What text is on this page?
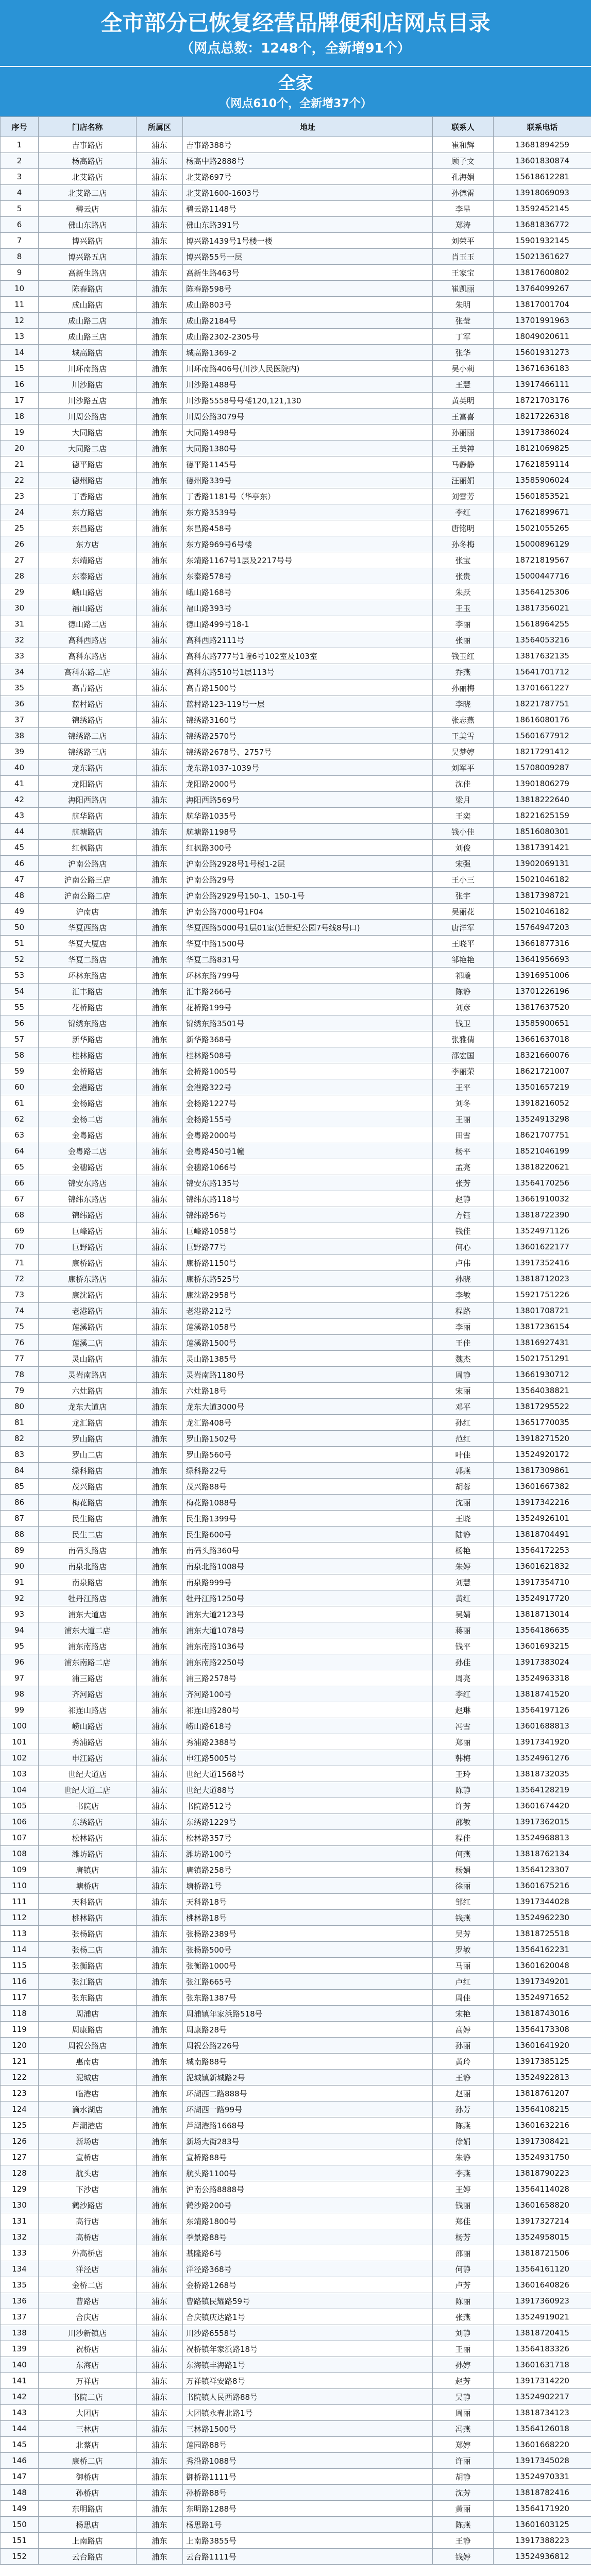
全市部分已恢复经营品牌便利店网点目录
（网点总数：1248个，全新增91个）
全家
（网点610个，全新增37个）
序号	门店名称	所属区	地址	联系人	联系电话
1	吉事路店	浦东	吉事路388号	崔和辉	13681894259
2	杨高路店	浦东	杨高中路2888号	顾子文	13601830874
3	北艾路店	浦东	北艾路697号	孔海娟	15618612281
4	北艾路二店	浦东	北艾路1600-1603号	孙德雷	13918069093
5	碧云店	浦东	碧云路1148号	李星	13592452145
6	佛山东路店	浦东	佛山东路391号	郑涛	13681836772
7	博兴路店	浦东	博兴路1439号1号楼一楼	刘荣平	15901932145
8	博兴路五店	浦东	博兴路55号一层	肖玉玉	15021361627
9	高新生路店	浦东	高新生路463号	王家宝	13817600802
10	陈春路店	浦东	陈春路598号	崔凯丽	13764099267
11	成山路店	浦东	成山路803号	朱明	13817001704
12	成山路二店	浦东	成山路2184号	张莹	13701991963
13	成山路三店	浦东	成山路2302-2305号	丁军	18049020611
14	城高路店	浦东	城高路1369-2	张华	15601931273
15	川环南路店	浦东	川环南路406号(川沙人民医院内)	吴小莉	13671636183
16	川沙路店	浦东	川沙路1488号	王慧	13917466111
17	川沙路五店	浦东	川沙路5558号号楼120,121,130	黄英明	18721703176
18	川周公路店	浦东	川周公路3079号	王富喜	18217226318
19	大同路店	浦东	大同路1498号	孙丽丽	13917386024
20	大同路二店	浦东	大同路1380号	王美神	18121069825
21	德平路店	浦东	德平路1145号	马静静	17621859114
22	德州路店	浦东	德州路339号	汪丽娟	13585906024
23	丁香路店	浦东	丁香路1181号（华亭东）	刘雪芳	15601853521
24	东方路店	浦东	东方路3539号	李红	17621899671
25	东昌路店	浦东	东昌路458号	唐铭明	15021055265
26	东方店	浦东	东方路969号6号楼	孙冬梅	15000896129
27	东靖路店	浦东	东靖路1167号1层及2217号号	张宝	18721819567
28	东泰路店	浦东	东泰路578号	张贵	15000447716
29	峨山路店	浦东	峨山路168号	朱跃	13564125306
30	福山路店	浦东	福山路393号	王玉	13817356021
31	德山路二店	浦东	德山路499号18-1	李丽	15618964255
32	高科西路店	浦东	高科西路2111号	张丽	13564053216
33	高科东路店	浦东	高科东路777号1幢6号102室及103室	钱玉红	13817632135
34	高科东路二店	浦东	高科东路510号1层113号	乔燕	15641701712
35	高青路店	浦东	高青路1500号	孙丽梅	13701661227
36	蓝村路店	浦东	蓝村路123-119号一层	李晓	18221787751
37	锦绣路店	浦东	锦绣路3160号	张志燕	18616080176
38	锦绣路二店	浦东	锦绣路2570号	王美雪	15601677912
39	锦绣路三店	浦东	锦绣路2678号、2757号	吴梦婷	18217291412
40	龙东路店	浦东	龙东路1037-1039号	刘军平	15708009287
41	龙阳路店	浦东	龙阳路2000号	沈佳	13901806279
42	海阳西路店	浦东	海阳西路569号	梁月	13818222640
43	航华路店	浦东	航华路1035号	王奕	18221625159
44	航塘路店	浦东	航塘路1198号	钱小佳	18516080301
45	红枫路店	浦东	红枫路300号	刘俊	13817391421
46	沪南公路店	浦东	沪南公路2928号1号楼1-2层	宋强	13902069131
47	沪南公路三店	浦东	沪南公路29号	王小三	15021046182
48	沪南公路二店	浦东	沪南公路2929号150-1、150-1号	张宇	13817398721
49	沪南店	浦东	沪南公路7000号1F04	吴丽花	15021046182
50	华夏西路店	浦东	华夏西路5000号1层01室(近世纪公园7号线8号口)	唐洋军	15764947203
51	华夏大厦店	浦东	华夏中路1500号	王晓平	13661877316
52	华夏二路店	浦东	华夏二路831号	邹艳艳	13641956693
53	环林东路店	浦东	环林东路799号	祁曦	13916951006
54	汇丰路店	浦东	汇丰路266号	陈静	13701226196
55	花桥路店	浦东	花桥路199号	刘彦	13817637520
56	锦绣东路店	浦东	锦绣东路3501号	钱卫	13585900651
57	新华路店	浦东	新华路368号	张雅倩	13661637018
58	桂林路店	浦东	桂林路508号	邵宏国	18321660076
59	金桥路店	浦东	金桥路1005号	李丽荣	18621721007
60	金港路店	浦东	金港路322号	王平	13501657219
61	金杨路店	浦东	金杨路1227号	刘冬	13918216052
62	金杨二店	浦东	金杨路155号	王丽	13524913298
63	金粤路店	浦东	金粤路2000号	田雪	18621707751
64	金粤路二店	浦东	金粤路450号1幢	杨平	18521046199
65	金穗路店	浦东	金穗路1066号	孟亮	13818220621
66	锦安东路店	浦东	锦安东路135号	张芳	13564170256
67	锦纬东路店	浦东	锦纬东路118号	赵静	13661910032
68	锦纬路店	浦东	锦纬路56号	方钰	13818722390
69	巨峰路店	浦东	巨峰路1058号	钱佳	13524971126
70	巨野路店	浦东	巨野路77号	何心	13601622177
71	康桥路店	浦东	康桥路1150号	卢伟	13917352416
72	康桥东路店	浦东	康桥东路525号	孙晓	13818712023
73	康沈路店	浦东	康沈路2958号	李敏	15921751226
74	老港路店	浦东	老港路212号	程路	13801708721
75	莲溪路店	浦东	莲溪路1058号	李丽	13817236154
76	莲溪二店	浦东	莲溪路1500号	王佳	13816927431
77	灵山路店	浦东	灵山路1385号	魏杰	15021751291
78	灵岩南路店	浦东	灵岩南路1180号	周静	13661930712
79	六灶路店	浦东	六灶路18号	宋丽	13564038821
80	龙东大道店	浦东	龙东大道3000号	邓平	13817295522
81	龙汇路店	浦东	龙汇路408号	孙红	13651770035
82	罗山路店	浦东	罗山路1502号	范红	13918271520
83	罗山二店	浦东	罗山路560号	叶佳	13524920172
84	绿科路店	浦东	绿科路22号	郭燕	13817309861
85	茂兴路店	浦东	茂兴路88号	胡蓉	13601667382
86	梅花路店	浦东	梅花路1088号	沈丽	13917342216
87	民生路店	浦东	民生路1399号	王晓	13524926101
88	民生二店	浦东	民生路600号	陆静	13818704491
89	南码头路店	浦东	南码头路360号	杨艳	13564172253
90	南泉北路店	浦东	南泉北路1008号	朱婷	13601621832
91	南泉路店	浦东	南泉路999号	刘慧	13917354710
92	牡丹江路店	浦东	牡丹江路1250号	黄红	13524917720
93	浦东大道店	浦东	浦东大道2123号	吴婧	13818713014
94	浦东大道二店	浦东	浦东大道1078号	蒋丽	13564186635
95	浦东南路店	浦东	浦东南路1036号	钱平	13601693215
96	浦东南路二店	浦东	浦东南路2250号	孙佳	13917383024
97	浦三路店	浦东	浦三路2578号	周亮	13524963318
98	齐河路店	浦东	齐河路100号	李红	13818741520
99	祁连山路店	浦东	祁连山路280号	赵琳	13564197126
100	崂山路店	浦东	崂山路618号	冯雪	13601688813
101	秀浦路店	浦东	秀浦路2388号	郑丽	13917341920
102	申江路店	浦东	申江路5005号	韩梅	13524961276
103	世纪大道店	浦东	世纪大道1568号	王玲	13818732035
104	世纪大道二店	浦东	世纪大道88号	陈静	13564128219
105	书院店	浦东	书院路512号	许芳	13601674420
106	东绣路店	浦东	东绣路1229号	邵敏	13917362015
107	松林路店	浦东	松林路357号	程佳	13524968813
108	潍坊路店	浦东	潍坊路100号	何燕	13818762134
109	唐镇店	浦东	唐镇路258号	杨娟	13564123307
110	塘桥店	浦东	塘桥路1号	徐丽	13601675216
111	天科路店	浦东	天科路18号	邹红	13917344028
112	桃林路店	浦东	桃林路18号	钱燕	13524962230
113	张杨路店	浦东	张杨路2389号	吴芳	13818725518
114	张杨二店	浦东	张杨路500号	罗敏	13564162231
115	张衡路店	浦东	张衡路1000号	马丽	13601620048
116	张江路店	浦东	张江路665号	卢红	13917349201
117	张东路店	浦东	张东路1387号	周佳	13524971652
118	周浦店	浦东	周浦镇年家浜路518号	宋艳	13818743016
119	周康路店	浦东	周康路28号	高婷	13564173308
120	周祝公路店	浦东	周祝公路226号	孙丽	13601641920
121	惠南店	浦东	城南路88号	黄玲	13917385125
122	泥城店	浦东	泥城镇新城路2号	王静	13524922813
123	临港店	浦东	环湖西二路888号	赵丽	13818761207
124	滴水湖店	浦东	环湖西一路99号	孙芳	13564108215
125	芦潮港店	浦东	芦潮港路1668号	陈燕	13601632216
126	新场店	浦东	新场大街283号	徐娟	13917308421
127	宣桥店	浦东	宣桥路88号	朱静	13524931750
128	航头店	浦东	航头路1100号	李燕	13818790223
129	下沙店	浦东	沪南公路8888号	王婷	13564114028
130	鹤沙路店	浦东	鹤沙路200号	钱丽	13601658820
131	高行店	浦东	东靖路1800号	郑佳	13917327214
132	高桥店	浦东	季景路88号	杨芳	13524958015
133	外高桥店	浦东	基隆路6号	邵丽	13818721506
134	洋泾店	浦东	洋泾路368号	何静	13564161120
135	金桥二店	浦东	金桥路1268号	卢芳	13601640826
136	曹路店	浦东	曹路镇民耀路59号	陈丽	13917360923
137	合庆店	浦东	合庆镇庆达路1号	张燕	13524919021
138	川沙新镇店	浦东	川沙路6558号	刘静	13818720415
139	祝桥店	浦东	祝桥镇年家浜路18号	王丽	13564183326
140	东海店	浦东	东海镇丰海路1号	孙婷	13601631718
141	万祥店	浦东	万祥镇祥安路8号	赵芳	13917314220
142	书院二店	浦东	书院镇人民西路88号	吴静	13524902217
143	大团店	浦东	大团镇永春北路1号	周丽	13818734123
144	三林店	浦东	三林路1500号	冯燕	13564126018
145	北蔡店	浦东	莲园路88号	郑婷	13601668220
146	康桥二店	浦东	秀沿路1088号	许丽	13917345028
147	御桥店	浦东	御桥路1111号	胡静	13524970331
148	孙桥店	浦东	孙桥路88号	沈芳	13818782416
149	东明路店	浦东	东明路1288号	黄丽	13564171920
150	杨思店	浦东	杨思路1号	陈燕	13601603125
151	上南路店	浦东	上南路3855号	王静	13917388223
152	云台路店	浦东	云台路1111号	钱婷	13524936812
